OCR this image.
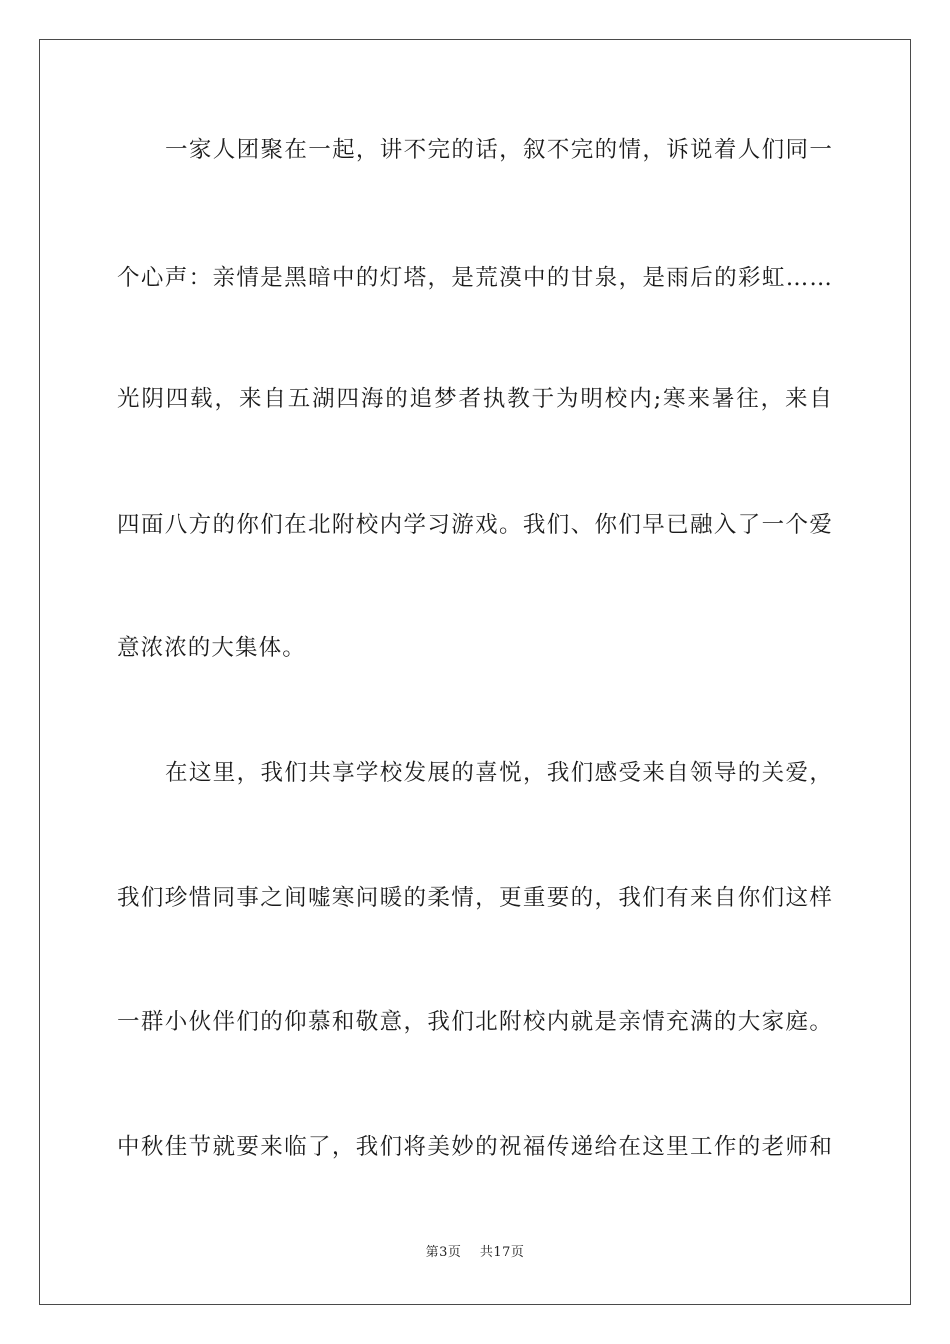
一家人团聚在一起，讲不完的话，叙不完的情，诉说着人们同一
个心声：亲情是黑暗中的灯塔，是荒漠中的甘泉，是雨后的彩虹……
光阴四载，来自五湖四海的追梦者执教于为明校内;寒来暑往，来自
四面八方的你们在北附校内学习游戏。我们、你们早已融入了一个爱
意浓浓的大集体。
在这里，我们共享学校发展的喜悦，我们感受来自领导的关爱，
我们珍惜同事之间嘘寒问暖的柔情，更重要的，我们有来自你们这样
一群小伙伴们的仰慕和敬意，我们北附校内就是亲情充满的大家庭。
中秋佳节就要来临了，我们将美妙的祝福传递给在这里工作的老师和
第3页 共17页
